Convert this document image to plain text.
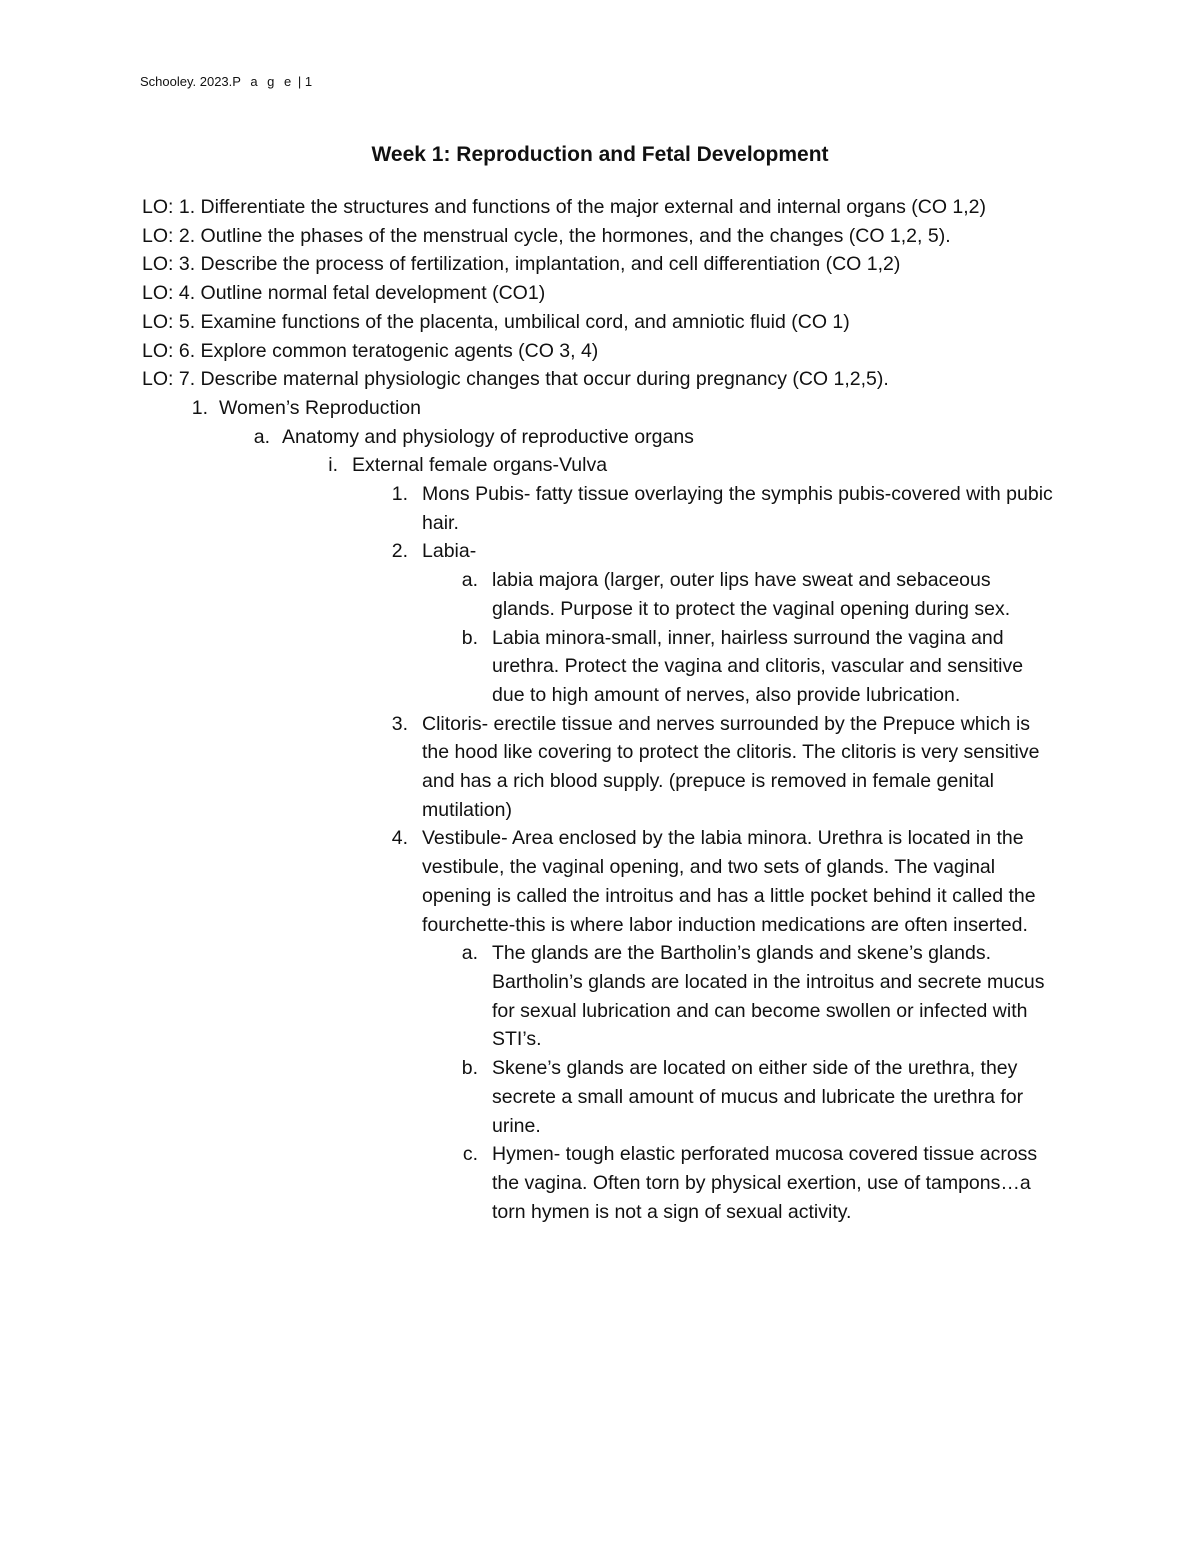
Schooley. 2023.P a g e | 1
Week 1: Reproduction and Fetal Development

LO: 1. Differentiate the structures and functions of the major external and internal organs (CO 1,2)

LO: 2. Outline the phases of the menstrual cycle, the hormones, and the changes (CO 1,2, 5).

LO: 3. Describe the process of fertilization, implantation, and cell differentiation (CO 1,2)

LO: 4. Outline normal fetal development (CO1)

LO: 5. Examine functions of the placenta, umbilical cord, and amniotic fluid (CO 1)

LO: 6. Explore common teratogenic agents (CO 3, 4)

LO: 7. Describe maternal physiologic changes that occur during pregnancy (CO 1,2,5).

1. Women’s Reproduction
a. Anatomy and physiology of reproductive organs
i. External female organs-Vulva
1. Mons Pubis- fatty tissue overlaying the symphis pubis-covered with pubic hair.
2. Labia-
a. labia majora (larger, outer lips have sweat and sebaceous glands. Purpose it to protect the vaginal opening during sex.
b. Labia minora-small, inner, hairless surround the vagina and urethra. Protect the vagina and clitoris, vascular and sensitive due to high amount of nerves, also provide lubrication.
3. Clitoris- erectile tissue and nerves surrounded by the Prepuce which is the hood like covering to protect the clitoris. The clitoris is very sensitive and has a rich blood supply. (prepuce is removed in female genital mutilation)
4. Vestibule- Area enclosed by the labia minora. Urethra is located in the vestibule, the vaginal opening, and two sets of glands. The vaginal opening is called the introitus and has a little pocket behind it called the fourchette-this is where labor induction medications are often inserted.
a. The glands are the Bartholin’s glands and skene’s glands. Bartholin’s glands are located in the introitus and secrete mucus for sexual lubrication and can become swollen or infected with STI’s.
b. Skene’s glands are located on either side of the urethra, they secrete a small amount of mucus and lubricate the urethra for urine.
c. Hymen- tough elastic perforated mucosa covered tissue across the vagina. Often torn by physical exertion, use of tampons…a torn hymen is not a sign of sexual activity.
